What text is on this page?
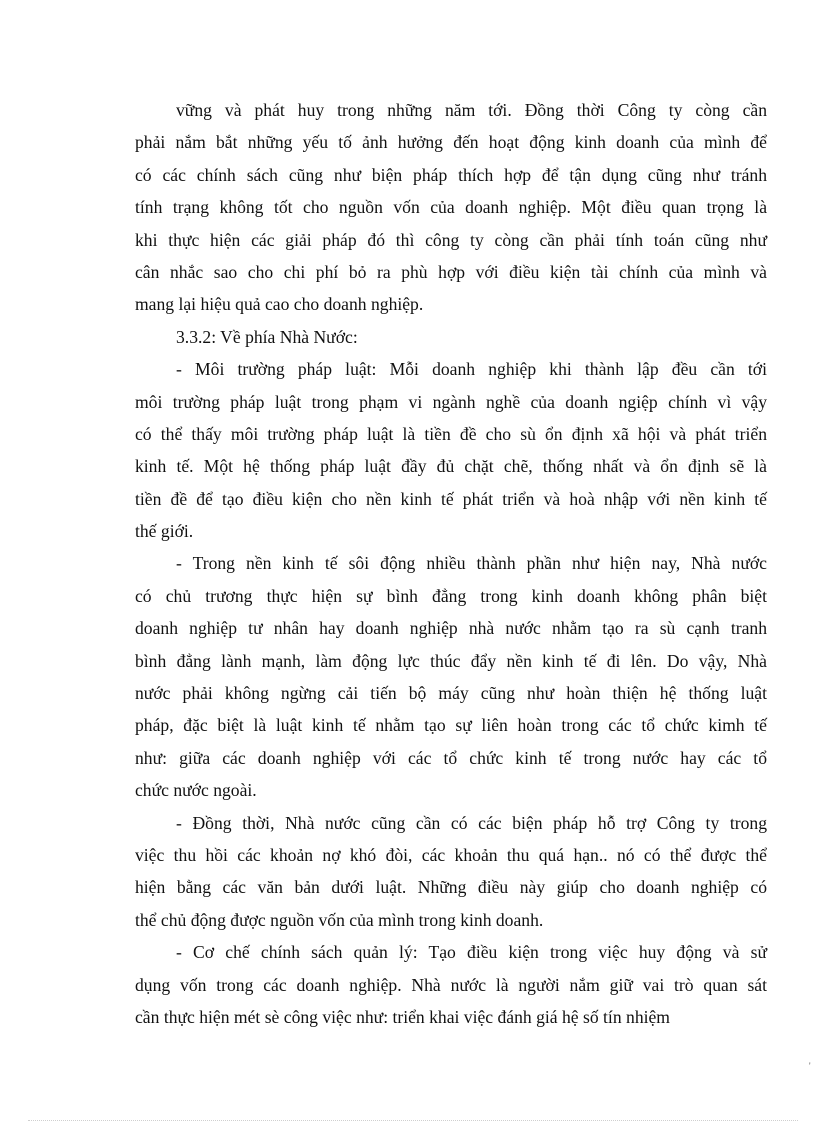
vững và phát huy trong những năm tới. Đồng thời Công ty còng cần
phải nắm bắt những yếu tố ảnh hưởng đến hoạt động kinh doanh của mình để
có các chính sách cũng như biện pháp thích hợp để tận dụng cũng như tránh
tính trạng không tốt cho nguồn vốn của doanh nghiệp. Một điều quan trọng là
khi thực hiện các giải pháp đó thì công ty còng cần phải tính toán cũng như
cân nhắc sao cho chi phí bỏ ra phù hợp với điều kiện tài chính của mình và
mang lại hiệu quả cao cho doanh nghiệp.
3.3.2: Về phía Nhà Nước:
- Môi trường pháp luật: Mỗi doanh nghiệp khi thành lập đều cần tới
môi trường pháp luật trong phạm vi ngành nghề của doanh ngiệp chính vì vậy
có thể thấy môi trường pháp luật là tiền đề cho sù ổn định xã hội và phát triển
kinh tế. Một hệ thống pháp luật đầy đủ chặt chẽ, thống nhất và ổn định sẽ là
tiền đề để tạo điều kiện cho nền kinh tế phát triển và hoà nhập với nền kinh tế
thế giới.
- Trong nền kinh tế sôi động nhiều thành phần như hiện nay, Nhà nước
có chủ trương thực hiện sự bình đẳng trong kinh doanh không phân biệt
doanh nghiệp tư nhân hay doanh nghiệp nhà nước nhằm tạo ra sù cạnh tranh
bình đẳng lành mạnh, làm động lực thúc đẩy nền kinh tế đi lên. Do vậy, Nhà
nước phải không ngừng cải tiến bộ máy cũng như hoàn thiện hệ thống luật
pháp, đặc biệt là luật kinh tế nhằm tạo sự liên hoàn trong các tổ chức kimh tế
như: giữa các doanh nghiệp với các tổ chức kinh tế trong nước hay các tổ
chức nước ngoài.
- Đồng thời, Nhà nước cũng cần có các biện pháp hỗ trợ Công ty trong
việc thu hồi các khoản nợ khó đòi, các khoản thu quá hạn.. nó có thể được thể
hiện bằng các văn bản dưới luật. Những điều này giúp cho doanh nghiệp có
thể chủ động được nguồn vốn của mình trong kinh doanh.
- Cơ chế chính sách quản lý: Tạo điều kiện trong việc huy động và sử
dụng vốn trong các doanh nghiệp. Nhà nước là người nắm giữ vai trò quan sát
cần thực hiện mét sè công việc như: triển khai việc đánh giá hệ số tín nhiệm
'
